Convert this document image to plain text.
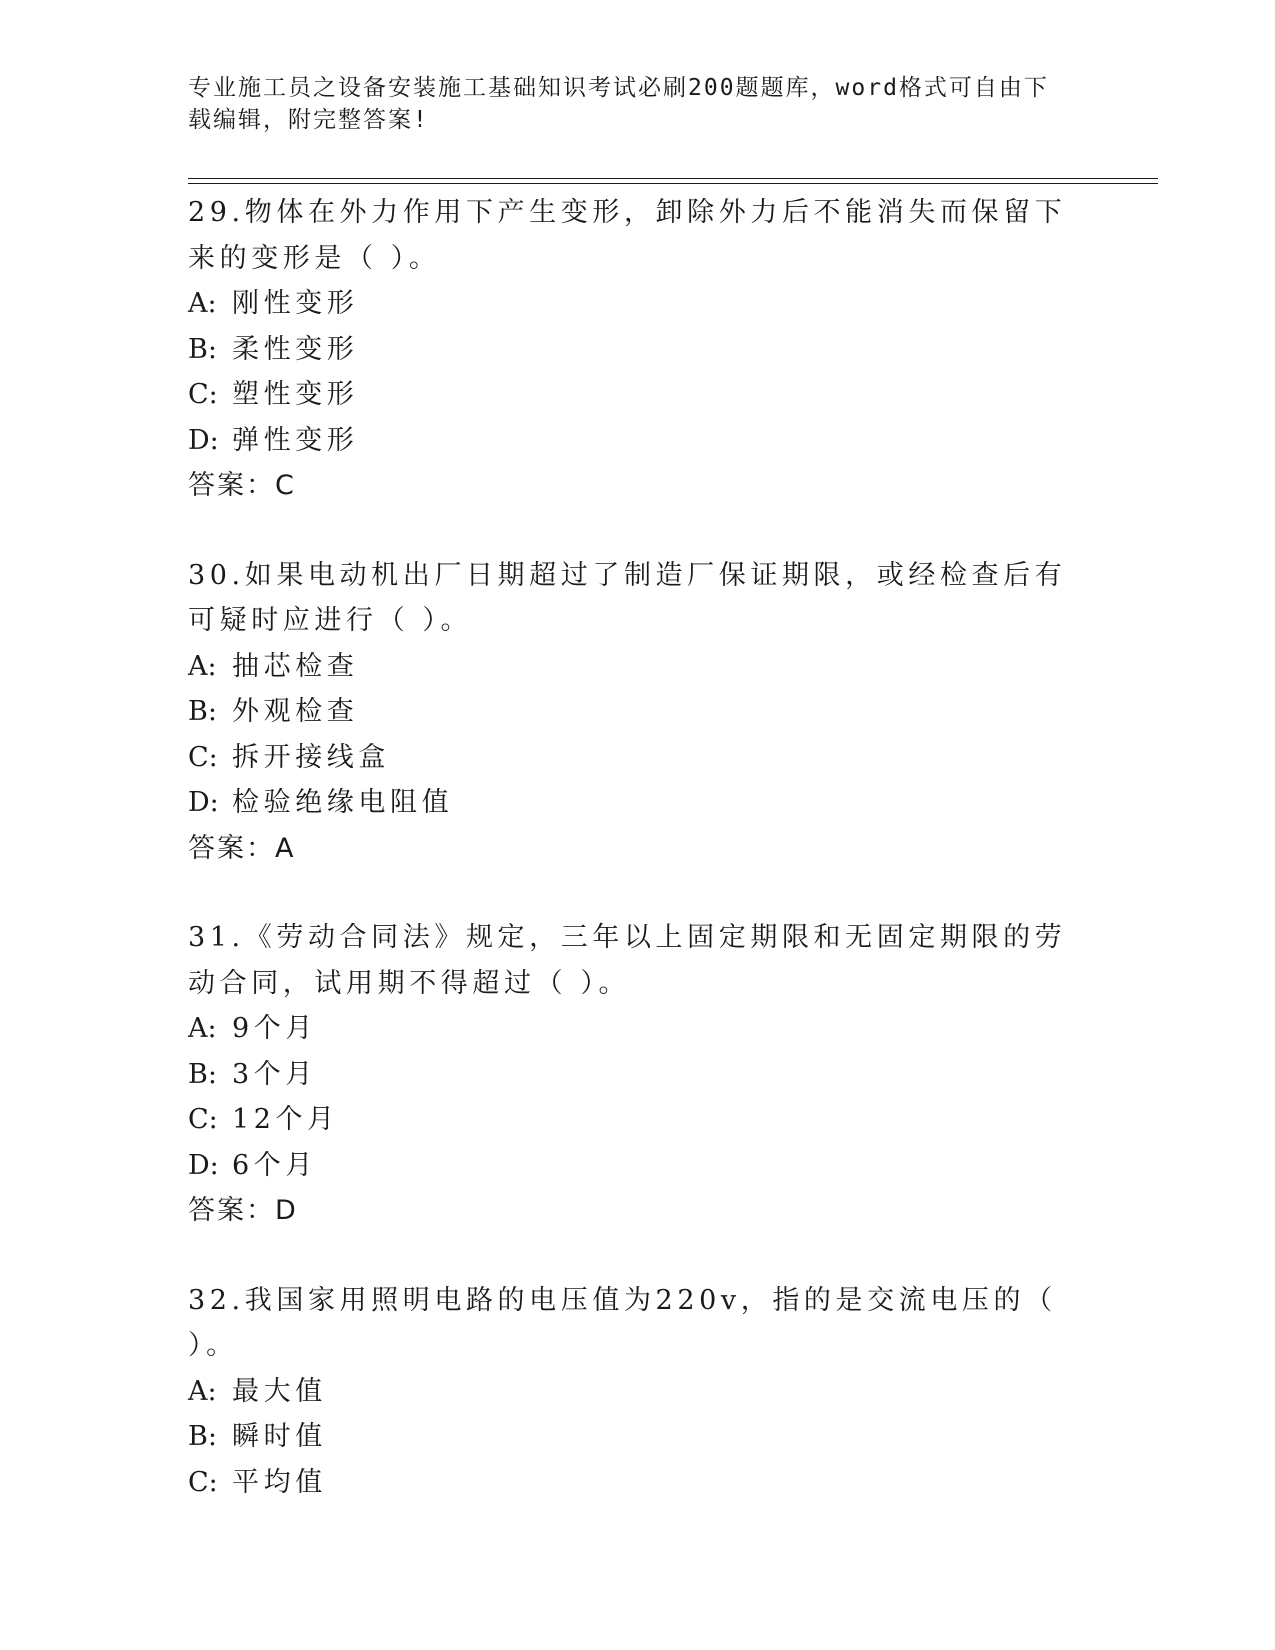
专业施工员之设备安装施工基础知识考试必刷200题题库，word格式可自由下载编辑，附完整答案!

29.物体在外力作用下产生变形，卸除外力后不能消失而保留下来的变形是（ ）。

A: 刚性变形
B: 柔性变形
C: 塑性变形
D: 弹性变形
答案：C

30.如果电动机出厂日期超过了制造厂保证期限，或经检查后有可疑时应进行（ ）。

A: 抽芯检查
B: 外观检查
C: 拆开接线盒
D: 检验绝缘电阻值
答案：A

31.《劳动合同法》规定，三年以上固定期限和无固定期限的劳动合同，试用期不得超过（ ）。

A: 9个月
B: 3个月
C: 12个月
D: 6个月
答案：D

32.我国家用照明电路的电压值为220v，指的是交流电压的（ ）。

A: 最大值
B: 瞬时值
C: 平均值
